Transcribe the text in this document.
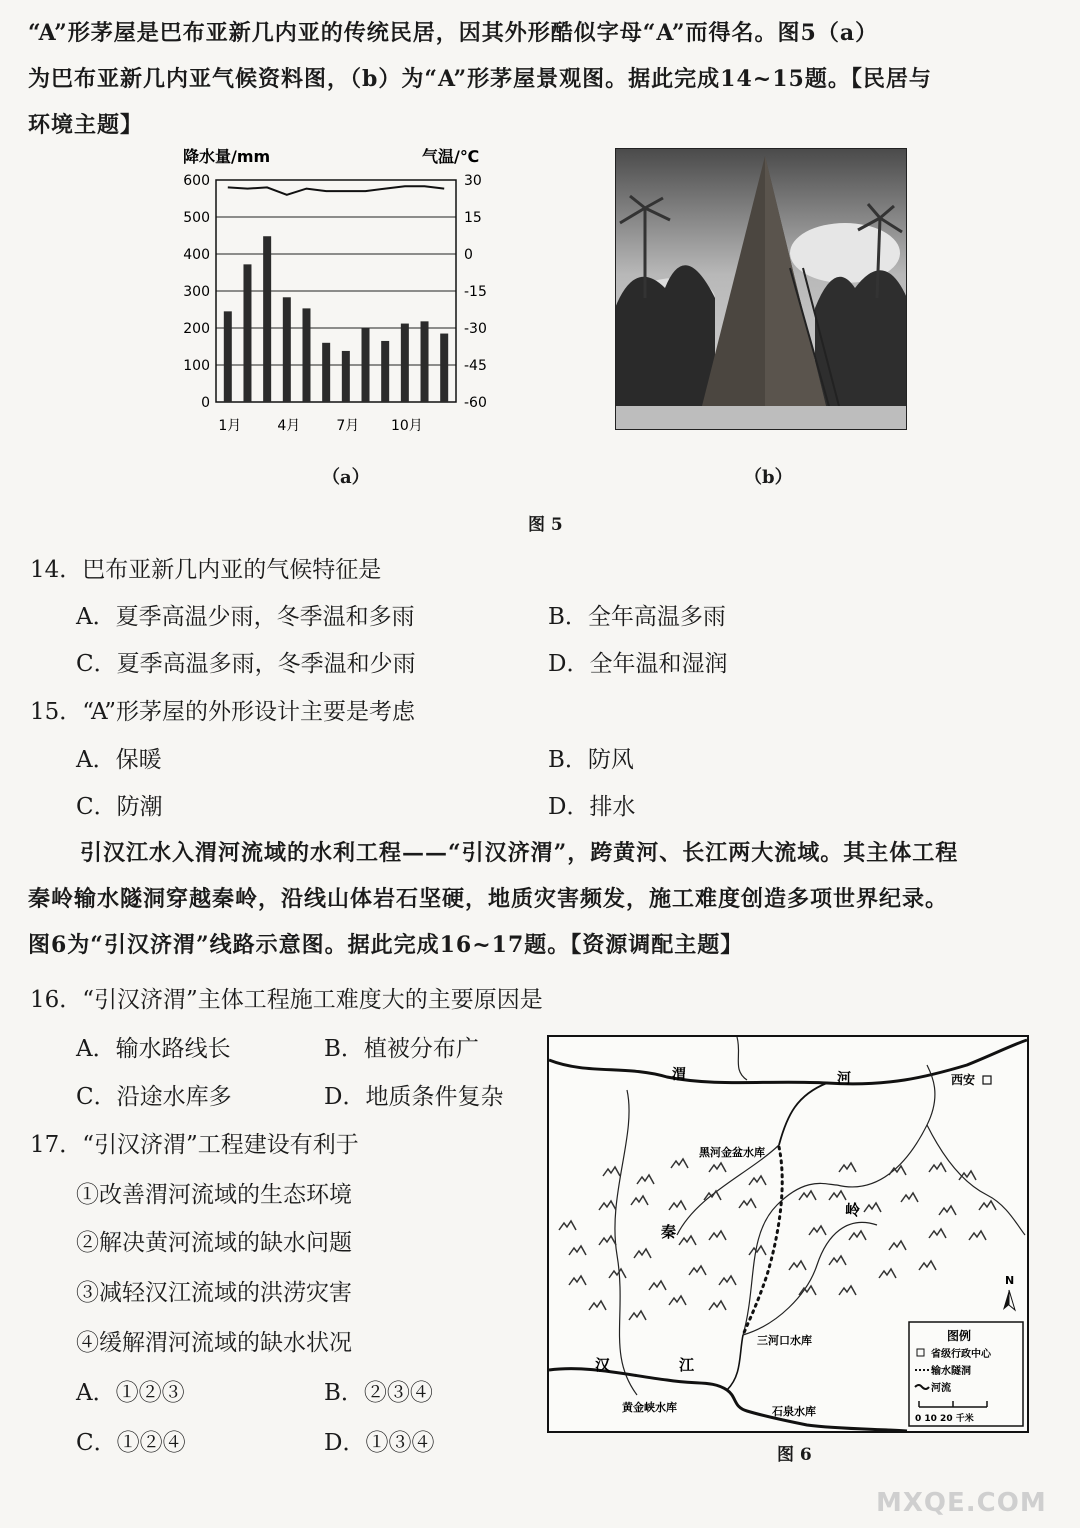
“A”形茅屋是巴布亚新几内亚的传统民居，因其外形酷似字母“A”而得名。图5（a）
为巴布亚新几内亚气候资料图，（b）为“A”形茅屋景观图。据此完成14~15题。【民居与
环境主题】
降水量/mm	气温/℃
600
500
400
300
200
100
0
30
15
0
-15
-30
-45
-60
1月	4月	7月 10月
（a）	（b）
图 5
14．巴布亚新几内亚的气候特征是
A．夏季高温少雨，冬季温和多雨	B．全年高温多雨
C．夏季高温多雨，冬季温和少雨	D．全年温和湿润
15．“A”形茅屋的外形设计主要是考虑
A．保暖	B．防风
C．防潮	D．排水
引汉江水入渭河流域的水利工程——“引汉济渭”，跨黄河、长江两大流域。其主体工程
秦岭输水隧洞穿越秦岭，沿线山体岩石坚硬，地质灾害频发，施工难度创造多项世界纪录。
图6为“引汉济渭”线路示意图。据此完成16~17题。【资源调配主题】
16．“引汉济渭”主体工程施工难度大的主要原因是
A．输水路线长	B．植被分布广
C．沿途水库多	D．地质条件复杂
17．“引汉济渭”工程建设有利于
①改善渭河流域的生态环境
②解决黄河流域的缺水问题
③减轻汉江流域的洪涝灾害
④缓解渭河流域的缺水状况
A．①②③	B．②③④
C．①②④	D．①③④
渭	河	西安
黑河金盆水库
秦
岭
汉	江
三河口水库
黄金峡水库	石泉水库
N
图例
省级行政中心
输水隧洞
河流
0 10 20 千米
图 6
MXQE.COM
